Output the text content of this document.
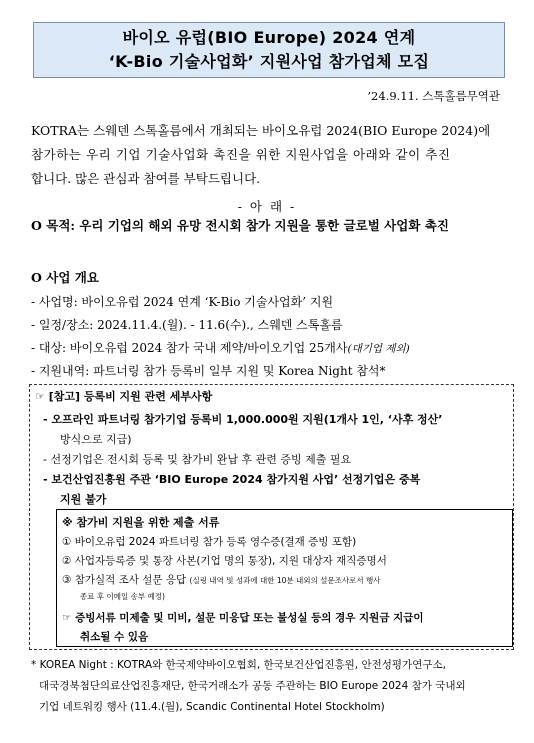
바이오 유럽(BIO Europe) 2024 연계
‘K-Bio 기술사업화’ 지원사업 참가업체 모집
’24.9.11. 스톡홀름무역관
KOTRA는 스웨덴 스톡홀름에서 개최되는 바이오유럽 2024(BIO Europe 2024)에
참가하는 우리 기업 기술사업화 촉진을 위한 지원사업을 아래와 같이 추진
합니다. 많은 관심과 참여를 부탁드립니다.
- 아 래 -
O 목적: 우리 기업의 해외 유망 전시회 참가 지원을 통한 글로벌 사업화 촉진
O 사업 개요
- 사업명: 바이오유럽 2024 연계 ‘K-Bio 기술사업화’ 지원
- 일정/장소: 2024.11.4.(월). - 11.6(수)., 스웨덴 스톡홀름
- 대상: 바이오유럽 2024 참가 국내 제약/바이오기업 25개사(대기업 제외)
- 지원내역: 파트너링 참가 등록비 일부 지원 및 Korea Night 참석*
☞ [참고] 등록비 지원 관련 세부사항
- 오프라인 파트너링 참가기업 등록비 1,000.000원 지원(1개사 1인, ‘사후 정산’
방식으로 지급)
- 선정기업은 전시회 등록 및 참가비 완납 후 관련 증빙 제출 필요
- 보건산업진흥원 주관 ‘BIO Europe 2024 참가지원 사업’ 선정기업은 중복
지원 불가
※ 참가비 지원을 위한 제출 서류
① 바이오유럽 2024 파트너링 참가 등록 영수증(결재 증빙 포함)
② 사업자등록증 및 통장 사본(기업 명의 통장), 지원 대상자 재직증명서
③ 참가실적 조사 설문 응답 (실링 내역 및 성과에 대한 10분 내외의 설문조사로서 행사
종료 후 이메일 송부 예정)
☞ 증빙서류 미제출 및 미비, 설문 미응답 또는 불성실 등의 경우 지원금 지급이
취소될 수 있음
* KOREA Night : KOTRA와 한국제약바이오협회, 한국보건산업진흥원, 안전성평가연구소,
대국경북첨단의료산업진흥재단, 한국거래소가 공동 주관하는 BIO Europe 2024 참가 국내외
기업 네트워킹 행사 (11.4.(월), Scandic Continental Hotel Stockholm)
